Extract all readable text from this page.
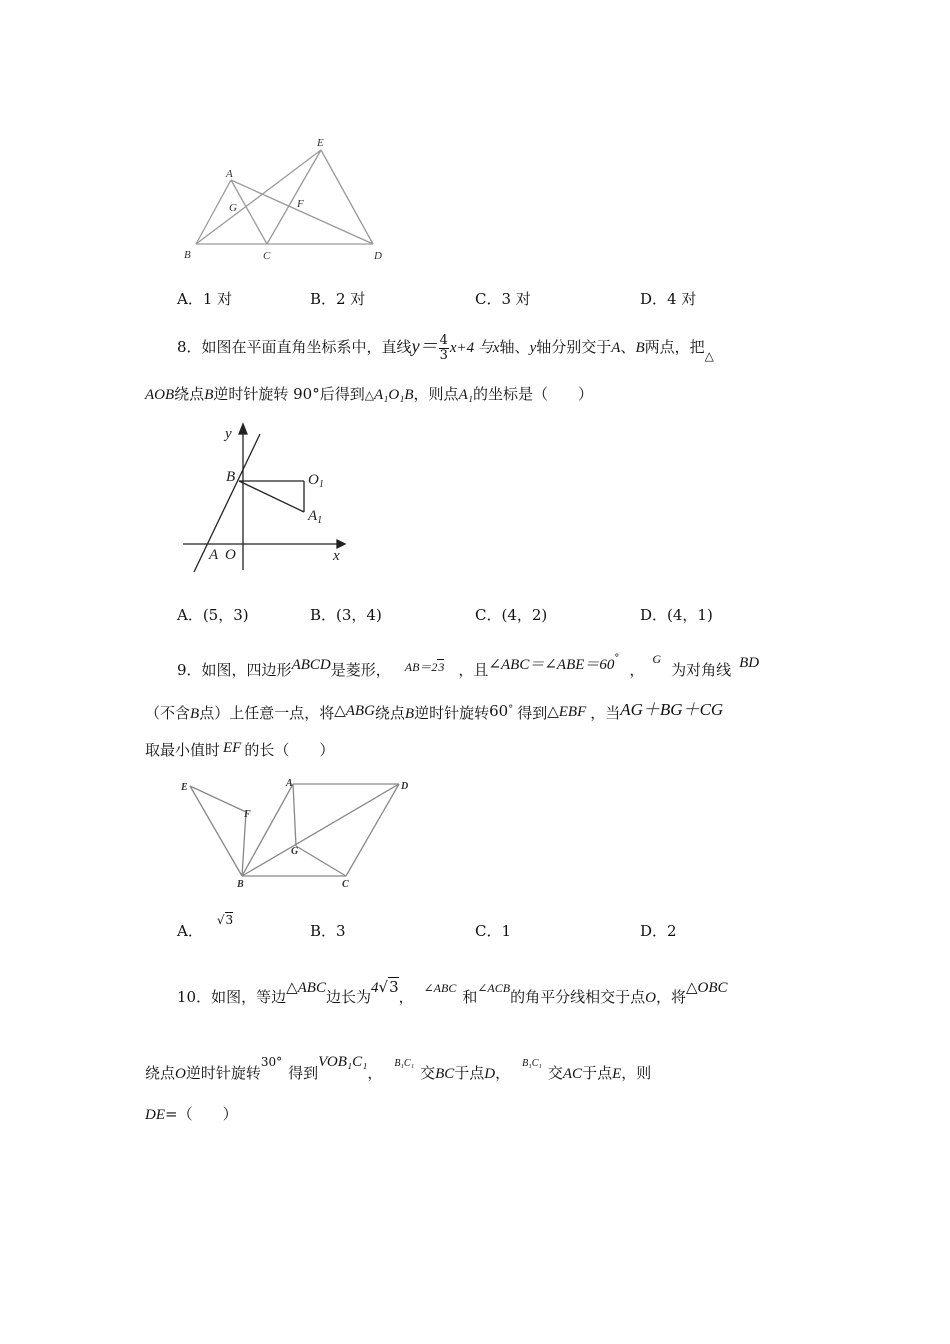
E
A
G	F
B	C	D
A．1 对	B．2 对	C．3 对	D．4 对
8．如图在平面直角坐标系中，直线$y= \frac{4}{3} x+4$ 与x轴、y轴分别交于A、B两点，把$_\triangle$
AOB绕点B逆时针旋转 90°后得到△A₁O₁B，则点A₁的坐标是（　　）
y
B	$O_1$
$A_1$
A O	x
A．(5，3)	B．(3，4)	C．(4，2)	D．(4，1)
9．如图，四边形ABCD是菱形， $^{AB=23}$ ，且∠ABC＝∠ABE＝60°，$^G$为对角线 BD
（不含B点）上任意一点，将△ABG绕点B逆时针旋转60° 得到△EBF ，当AG＋BG＋CG
取最小值时 EF 的长（　　）
E
F
A	D
G
B	C
A．$^{√3}$
B．3	C．1	D．2
10．如图，等边△ABC边长为4√3， $^{\angle ABC}$ 和$^{\angle ACB}$的角平分线相交于点O，将△OBC
绕点O逆时针旋转$^{30^\circ}$得到VOB₁C₁，$^{B_1C_1}$交BC于点D，$^{B_1C_1}$交AC于点E，则
DE=（　　）
